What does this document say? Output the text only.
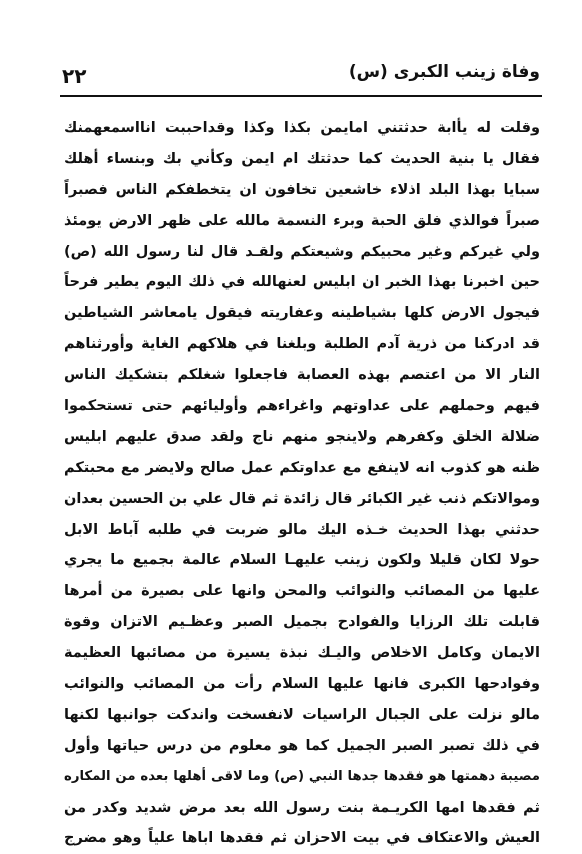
٢٢	وفاة زينب الكبرى (س)
وقلت له يأابة حدثتني امايمن بكذا وكذا وقداحببت انااسمعهمنك
فقال يا بنية الحديث كما حدثتك ام ايمن وكأني بك وبنساء أهلك
سبايا بهذا البلد اذلاء خاشعين تخافون ان يتخطفكم الناس فصبراً
صبراً فوالذي فلق الحبة وبرء النسمة مالله على ظهر الارض يومئذ
ولي غيركم وغير محبيكم وشيعتكم ولقـد قال لنا رسول الله (ص)
حين اخبرنا بهذا الخبر ان ابليس لعنهالله في ذلك اليوم يطير فرحاً
فيجول الارض كلها بشياطينه وعفاريته فيقول يامعاشر الشياطين
قد ادركنا من ذرية آدم الطلبة وبلغنا في هلاكهم الغاية وأورثناهم
النار الا من اعتصم بهذه العصابة فاجعلوا شغلكم بتشكيك الناس
فيهم وحملهم على عداوتهم واغراءهم وأوليائهم حتى تستحكموا
ضلالة الخلق وكفرهم ولاينجو منهم ناج ولقد صدق عليهم ابليس
ظنه هو كذوب انه لاينفع مع عداوتكم عمل صالح ولايضر مع محبتكم
وموالاتكم ذنب غير الكبائر قال زائدة ثم قال علي بن الحسين بعدان
حدثني بهذا الحديث خـذه اليك مالو ضربت في طلبه آباط الابل
حولا لكان قليلا ولكون زينب عليهـا السلام عالمة بجميع ما يجري
عليها من المصائب والنوائب والمحن وانها على بصيرة من أمرها
قابلت تلك الرزايا والفوادح بجميل الصبر وعظـيم الاتزان وقوة
الايمان وكامل الاخلاص واليـك نبذة يسيرة من مصائبها العظيمة
وفوادحها الكبرى فانها عليها السلام رأت من المصائب والنوائب
مالو نزلت على الجبال الراسيات لانفسخت واندكت جوانبها لكنها
في ذلك تصبر الصبر الجميل كما هو معلوم من درس حياتها وأول
مصيبة دهمتها هو فقدها جدها النبي (ص) وما لاقى أهلها بعده من المكاره
ثم فقدها امها الكريـمة بنت رسول الله بعد مرض شديد وكدر من
العيش والاعتكاف في بيت الاحزان ثم فقدها اباها علياً وهو مضرج
